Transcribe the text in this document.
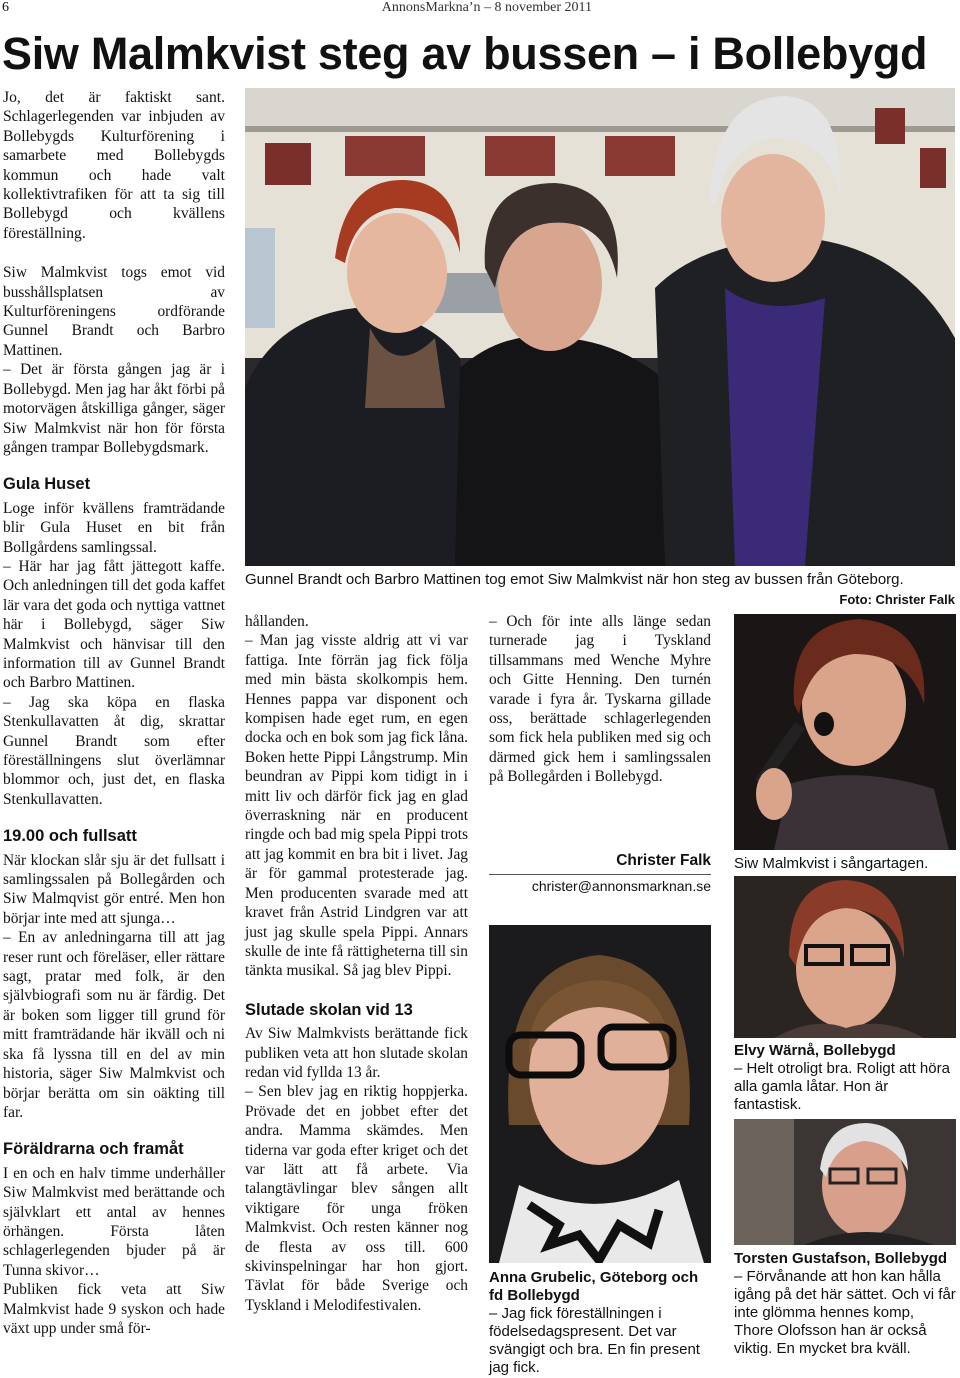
6	AnnonsMarkna’n – 8 november 2011
Siw Malmkvist steg av bussen – i Bollebygd

Jo, det är faktiskt sant. Schlagerlegenden var inbjuden av Bollebygds Kulturförening i samarbete med Bollebygds kommun och hade valt kollektivtrafiken för att ta sig till Bollebygd och kvällens föreställning.

Siw Malmkvist togs emot vid busshållsplatsen av Kulturföreningens ordförande Gunnel Brandt och Barbro Mattinen.

– Det är första gången jag är i Bollebygd. Men jag har åkt förbi på motorvägen åtskilliga gånger, säger Siw Malmkvist när hon för första gången trampar Bollebygdsmark.

Gula Huset

Loge inför kvällens framträdande blir Gula Huset en bit från Bollgårdens samlingssal.

– Här har jag fått jättegott kaffe. Och anledningen till det goda kaffet lär vara det goda och nyttiga vattnet här i Bollebygd, säger Siw Malmkvist och hänvisar till den information till av Gunnel Brandt och Barbro Mattinen.

– Jag ska köpa en flaska Stenkullavatten åt dig, skrattar Gunnel Brandt som efter föreställningens slut överlämnar blommor och, just det, en flaska Stenkullavatten.

19.00 och fullsatt

När klockan slår sju är det fullsatt i samlingssalen på Bollegården och Siw Malmqvist gör entré. Men hon börjar inte med att sjunga…

– En av anledningarna till att jag reser runt och föreläser, eller rättare sagt, pratar med folk, är den självbiografi som nu är färdig. Det är boken som ligger till grund för mitt framträdande här ikväll och ni ska få lyssna till en del av min historia, säger Siw Malmkvist och börjar berätta om sin oäkting till far.

Föräldrarna och framåt

I en och en halv timme underhåller Siw Malmkvist med berättande och självklart ett antal av hennes örhängen. Första låten schlagerlegenden bjuder på är Tunna skivor…

Publiken fick veta att Siw Malmkvist hade 9 syskon och hade växt upp under små för-

Gunnel Brandt och Barbro Mattinen tog emot Siw Malmkvist när hon steg av bussen från Göteborg.
Foto: Christer Falk

hållanden.

– Man jag visste aldrig att vi var fattiga. Inte förrän jag fick följa med min bästa skolkompis hem. Hennes pappa var disponent och kompisen hade eget rum, en egen docka och en bok som jag fick låna. Boken hette Pippi Långstrump. Min beundran av Pippi kom tidigt in i mitt liv och därför fick jag en glad överraskning när en producent ringde och bad mig spela Pippi trots att jag kommit en bra bit i livet. Jag är för gammal protesterade jag. Men producenten svarade med att kravet från Astrid Lindgren var att just jag skulle spela Pippi. Annars skulle de inte få rättigheterna till sin tänkta musikal. Så jag blev Pippi.

Slutade skolan vid 13

Av Siw Malmkvists berättande fick publiken veta att hon slutade skolan redan vid fyllda 13 år.

– Sen blev jag en riktig hoppjerka. Prövade det en jobbet efter det andra. Mamma skämdes. Men tiderna var goda efter kriget och det var lätt att få arbete. Via talangtävlingar blev sången allt viktigare för unga fröken Malmkvist. Och resten känner nog de flesta av oss till. 600 skivinspelningar har hon gjort. Tävlat för både Sverige och Tyskland i Melodifestivalen.

– Och för inte alls länge sedan turnerade jag i Tyskland tillsammans med Wenche Myhre och Gitte Henning. Den turnén varade i fyra år. Tyskarna gillade oss, berättade schlagerlegenden som fick hela publiken med sig och därmed gick hem i samlingssalen på Bollegården i Bollebygd.

Christer Falk
christer@annonsmarknan.se
Siw Malmkvist i sångartagen.
Elvy Wärnå, Bollebygd
– Helt otroligt bra. Roligt att höra alla gamla låtar. Hon är fantastisk.
Anna Grubelic, Göteborg och fd Bollebygd
– Jag fick föreställningen i födelsedagspresent. Det var svängigt och bra. En fin present jag fick.
Torsten Gustafson, Bollebygd
– Förvånande att hon kan hålla igång på det här sättet. Och vi får inte glömma hennes komp, Thore Olofsson han är också viktig. En mycket bra kväll.
